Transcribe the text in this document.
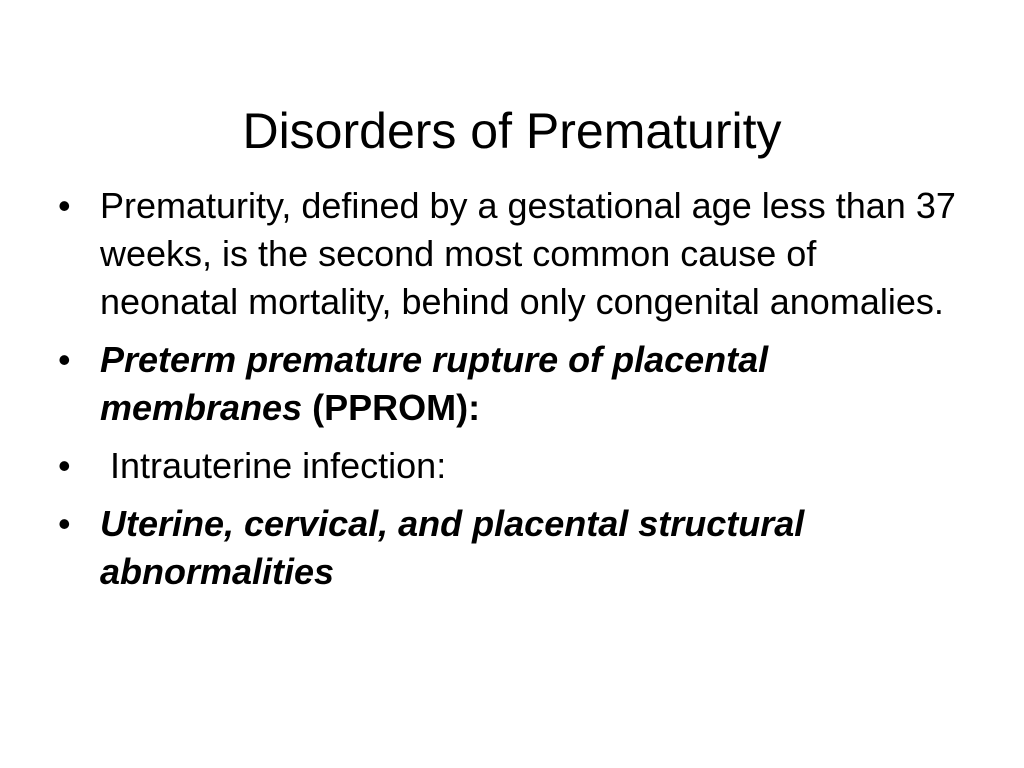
Disorders of Prematurity
• Prematurity, defined by a gestational age less than 37 weeks, is the second most common cause of neonatal mortality, behind only congenital anomalies.
• Preterm premature rupture of placental membranes (PPROM):
• Intrauterine infection:
• Uterine, cervical, and placental structural abnormalities
